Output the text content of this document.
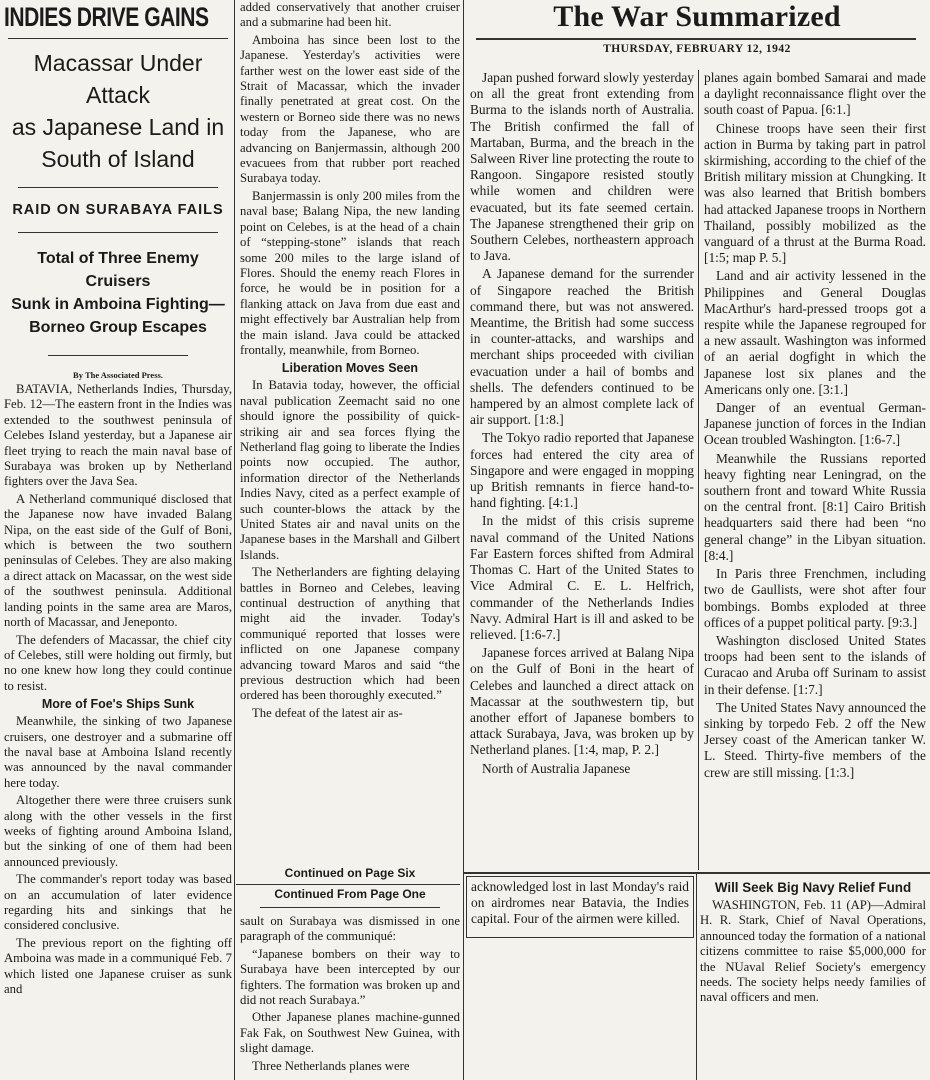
INDIES DRIVE GAINS

Macassar Under Attack

as Japanese Land in

South of Island

RAID ON SURABAYA FAILS

Total of Three Enemy Cruisers

Sunk in Amboina Fighting—

Borneo Group Escapes

By The Associated Press.

BATAVIA, Netherlands Indies, Thursday, Feb. 12—The eastern front in the Indies was extended to the southwest peninsula of Celebes Island yesterday, but a Japanese air fleet trying to reach the main naval base of Surabaya was broken up by Netherland fighters over the Java Sea.

A Netherland communiqué disclosed that the Japanese now have invaded Balang Nipa, on the east side of the Gulf of Boni, which is between the two southern peninsulas of Celebes. They are also making a direct attack on Macassar, on the west side of the southwest peninsula. Additional landing points in the same area are Maros, north of Macassar, and Jeneponto.

The defenders of Macassar, the chief city of Celebes, still were holding out firmly, but no one knew how long they could continue to resist.

More of Foe's Ships Sunk

Meanwhile, the sinking of two Japanese cruisers, one destroyer and a submarine off the naval base at Amboina Island recently was announced by the naval commander here today.

Altogether there were three cruisers sunk along with the other vessels in the first weeks of fighting around Amboina Island, but the sinking of one of them had been announced previously.

The commander's report today was based on an accumulation of later evidence regarding hits and sinkings that he considered conclusive.

The previous report on the fighting off Amboina was made in a communiqué Feb. 7 which listed one Japanese cruiser as sunk and

added conservatively that another cruiser and a submarine had been hit.

Amboina has since been lost to the Japanese. Yesterday's activities were farther west on the lower east side of the Strait of Macassar, which the invader finally penetrated at great cost. On the western or Borneo side there was no news today from the Japanese, who are advancing on Banjermassin, although 200 evacuees from that rubber port reached Surabaya today.

Banjermassin is only 200 miles from the naval base; Balang Nipa, the new landing point on Celebes, is at the head of a chain of “stepping-stone” islands that reach some 200 miles to the large island of Flores. Should the enemy reach Flores in force, he would be in position for a flanking attack on Java from due east and might effectively bar Australian help from the main island. Java could be attacked frontally, meanwhile, from Borneo.

Liberation Moves Seen

In Batavia today, however, the official naval publication Zeemacht said no one should ignore the possibility of quick-striking air and sea forces flying the Netherland flag going to liberate the Indies points now occupied. The author, information director of the Netherlands Indies Navy, cited as a perfect example of such counter-blows the attack by the United States air and naval units on the Japanese bases in the Marshall and Gilbert Islands.

The Netherlanders are fighting delaying battles in Borneo and Celebes, leaving continual destruction of anything that might aid the invader. Today's communiqué reported that losses were inflicted on one Japanese company advancing toward Maros and said “the previous destruction which had been ordered has been thoroughly executed.”

The defeat of the latest air as-

Continued on Page Six
Continued From Page One

sault on Surabaya was dismissed in one paragraph of the communiqué:

“Japanese bombers on their way to Surabaya have been intercepted by our fighters. The formation was broken up and did not reach Surabaya.”

Other Japanese planes machine-gunned Fak Fak, on Southwest New Guinea, with slight damage.

Three Netherlands planes were

The War Summarized
THURSDAY, FEBRUARY 12, 1942

Japan pushed forward slowly yesterday on all the great front extending from Burma to the islands north of Australia. The British confirmed the fall of Martaban, Burma, and the breach in the Salween River line protecting the route to Rangoon. Singapore resisted stoutly while women and children were evacuated, but its fate seemed certain. The Japanese strengthened their grip on Southern Celebes, northeastern approach to Java.

A Japanese demand for the surrender of Singapore reached the British command there, but was not answered. Meantime, the British had some success in counter-attacks, and warships and merchant ships proceeded with civilian evacuation under a hail of bombs and shells. The defenders continued to be hampered by an almost complete lack of air support. [1:8.]

The Tokyo radio reported that Japanese forces had entered the city area of Singapore and were engaged in mopping up British remnants in fierce hand-to-hand fighting. [4:1.]

In the midst of this crisis supreme naval command of the United Nations Far Eastern forces shifted from Admiral Thomas C. Hart of the United States to Vice Admiral C. E. L. Helfrich, commander of the Netherlands Indies Navy. Admiral Hart is ill and asked to be relieved. [1:6-7.]

Japanese forces arrived at Balang Nipa on the Gulf of Boni in the heart of Celebes and launched a direct attack on Macassar at the southwestern tip, but another effort of Japanese bombers to attack Surabaya, Java, was broken up by Netherland planes. [1:4, map, P. 2.]

North of Australia Japanese

planes again bombed Samarai and made a daylight reconnaissance flight over the south coast of Papua. [6:1.]

Chinese troops have seen their first action in Burma by taking part in patrol skirmishing, according to the chief of the British military mission at Chungking. It was also learned that British bombers had attacked Japanese troops in Northern Thailand, possibly mobilized as the vanguard of a thrust at the Burma Road. [1:5; map P. 5.]

Land and air activity lessened in the Philippines and General Douglas MacArthur's hard-pressed troops got a respite while the Japanese regrouped for a new assault. Washington was informed of an aerial dogfight in which the Japanese lost six planes and the Americans only one. [3:1.]

Danger of an eventual German-Japanese junction of forces in the Indian Ocean troubled Washington. [1:6-7.]

Meanwhile the Russians reported heavy fighting near Leningrad, on the southern front and toward White Russia on the central front. [8:1] Cairo British headquarters said there had been “no general change” in the Libyan situation. [8:4.]

In Paris three Frenchmen, including two de Gaullists, were shot after four bombings. Bombs exploded at three offices of a puppet political party. [9:3.]

Washington disclosed United States troops had been sent to the islands of Curacao and Aruba off Surinam to assist in their defense. [1:7.]

The United States Navy announced the sinking by torpedo Feb. 2 off the New Jersey coast of the American tanker W. L. Steed. Thirty-five members of the crew are still missing. [1:3.]

acknowledged lost in last Monday's raid on airdromes near Batavia, the Indies capital. Four of the airmen were killed.

Will Seek Big Navy Relief Fund

WASHINGTON, Feb. 11 (AP)—Admiral H. R. Stark, Chief of Naval Operations, announced today the formation of a national citizens committee to raise $5,000,000 for the NUaval Relief Society's emergency needs. The society helps needy families of naval officers and men.
